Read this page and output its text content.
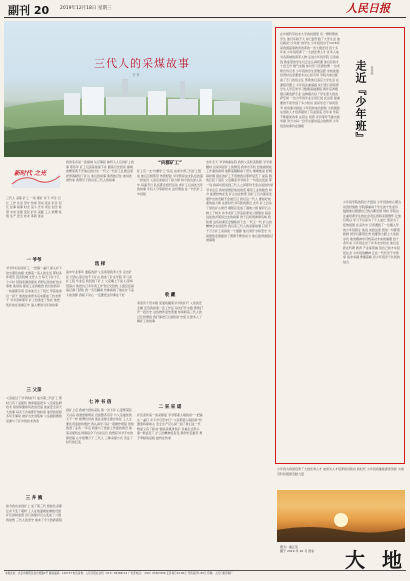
副刊 20 2019年12月18日 星期三	人民日报
三代人的采煤故事
于 平
新时代 之光
三代人 采煤 矿工 一家 煤矿 井下 岁月 记忆 工作 生活 坚守 传承 劳动 家乡 矿区 回忆 往事 故事 时光 奋斗 汗水 责任 担当 希望 未来 发展 变化 矿井 采掘 工人 师傅 班组 生产 安全 技术 革新 进步
一 爷爷
爷爷年轻时是矿工 一把镐一盏灯 深入井下 挖出黑色的煤 支撑着一家人的生活 那时条件艰苦 没有机械 全凭人力 每天下井十几个小时 回到家满身煤灰 奶奶总是烧好热水等他 他常说 煤是工业的粮食 我们挖的每一块煤都有用 后来他当上了班长 带着徒弟们一起干 他的徒弟很多后来都成了技术骨干 爷爷退休那年 矿上给他发了奖状 他把奖状挂在堂屋正中 逢人便讲当年的故事
三 父亲
父亲接过了爷爷的矿灯 成为第二代矿工 那时已有了采煤机 效率提高很多 父亲爱钻研技术 常常琢磨如何改进设备 他说安全是天大的事 每次下井前都仔细检查 他带的班组多年无事故 被评为先进集体 父亲最骄傲的是参与了矿井的技术改造
三 井 姨
如今我也来到矿上 成了第三代 智能化采煤让井下变了模样 工人在地面就能操控设备 矿区绿树成荫 昔日的煤矸石山变成了公园 我常想 三代人的坚守 换来了今天的新面貌
我的家乡是一座煤城 从记事起 就听大人们讲矿上的事 那些年 矿工们顶着星星下井 踏着月光回家 煤城的繁荣离不开他们的付出 一代又一代矿工扎根这里 把青春献给了矿山 他们的故事 值得被记住 被讲述 被传承 我想写下我们家三代人的故事
选 择
高中毕业那年 面临选择 父亲希望我考大学 走出矿区 可我心里总放不下矿山 我选了矿业学院 学习采矿工程 毕业后 我回到了矿上 父亲嘴上不说 心里却很高兴 他把自己多年的工作笔记交给我 上面密密麻麻记满了经验 我一页页翻看 仿佛看到了他在井下奋斗的身影 我暗下决心 一定要把这份事业干好
七 冲 书 信
到矿上后 我被分到综采队 第一次下井 心里既紧张又兴奋 巷道宽敞明亮 设备整齐有序 与父亲描述的大不一样 师傅告诉我 现在采煤全靠自动化 工人主要负责监控和维护 我认真学习每一项操作规程 很快熟悉了业务 一年后 我参与了智能工作面的建设 看着采煤机在屏幕指令下自动运行 我想起爷爷手中的那把镐 心中感慨万千 三代人 三种采煤方式 见证了时代的巨变
“向群矿工”
矿上有一支“向群矿工”队伍 由老中青三代矿工组成 他们互相帮带 传授经验 爷爷曾是这支队伍的第一批成员 父亲后来接过了接力棒 如今我也加入其中 每逢节日 队伍都会组织活动 老矿工们讲述当年的故事 年轻人分享新技术 这份情谊 在一代代矿工中延续
收 藏
家里有个旧木箱 里面收藏着爷爷的矿灯 父亲的安全帽 还有我的第一张工作证 每次打开木箱 都像打开一段历史 这些物件虽然普通 却承载着三代人的记忆和情感 我打算把它们捐给矿史馆 让更多人了解矿工的故事
二 采 采 谣
矿区流传着一首采煤谣 爷爷那辈人唱的是“一把镐头一盏灯 井下岁月苦中行” 父亲那辈人唱的是“机器轰鸣煤如山 安全生产记心间” 到了我们这一代 歌谣又有了新词“智能采煤绿色矿 幸福生活奔小康” 歌谣变了 矿工的精神没有变 那份吃苦耐劳 勇于奉献的品格 始终在传承
去年冬天 爷爷病重住院 我和父亲轮流照顾 爷爷清醒时 总是问起矿上的情况 我拿出手机 给他看智能工作面的视频 他眯着眼睛看了很久 喃喃地说 好啊 真好啊 现在的矿工不用像我们那样受苦了 说着 眼角泛起了泪花 父亲握着爷爷的手 一句话也没说 那一刻 我真切感受到三代人之间那份无需言说的传承 爷爷走后 我常常想起他说的话 煤是工业的粮食 如今 能源结构在变 矿山也在转型 但矿工们为国家发展作出的贡献不会被忘记 我们这一代人 要接好前辈的接力棒 在新时代书写新的篇章 去年 矿上启动了绿色矿山建设 塌陷区变成了湿地公园 煤矸石山种上了树木 许多老矿工带着孙辈来公园散步 指着远处的井架讲过去的故事 孩子们听得津津有味 我知道 这些故事还会继续讲下去 一代又一代 矿山的精神会永远流传 我们家三代人的采煤故事 只是千千万万矿工家庭的一个缩影 他们用汗水和坚守 为祖国的发展提供了源源不断的动力 他们值得被铭记 被尊敬
在中国科学技术大学的校园里 有一群特殊的学生 他们年龄不大 却已经开始了大学生活 他们就是“少年班”的学生 少年班创办于1978年 是我国高等教育改革的一次大胆尝试 四十多年来 少年班培养了一大批优秀人才 许多人成为各领域的领军人物 走进少年班学院 记者看到 教室里的学生们正在认真听课 他们有的才十四五岁 稚气未脱 却对学习充满热情 一位老师告诉记者 少年班的学生思维活跃 求知欲强 但同时也需要更多关心和引导 学院为他们配备了专门的班主任 帮助他们适应大学生活 在课程设置上 少年班注重基础 实行宽口径培养 学生入学后先学习数理基础课程 两年后再根据兴趣选择专业 这种模式给了学生更大的选择空间 一位少年班毕业生回忆说 在这里 最重要的不是学到了多少知识 而是学会了如何思考 如何面对挑战 少年班的成功经验 为我国拔尖创新人才培养提供了有益借鉴 近年来 学院不断探索改革 在招生 培养 评价等环节推出新举措 努力为每一位学生提供适合的教育 少年班的故事仍在继续	走近『少年班』	吕舟亮
少年班学院的院长介绍说 少年班的核心理念是因材施教 学院尊重每个学生的个性差异 鼓励他们根据自己的兴趣发展 同时 学院也注重培养学生的社会责任感和家国情怀 让他们明白 学习不仅是为了个人成长 更是为了报效祖国 在采访中 记者遇到了一位刚入学的少年班新生 他说 来到这里 感觉一切都很新鲜 同学们都很优秀 我要努力跟上大家的步伐 他的眼神中闪烁着对未来的憧憬 四十余年来 少年班走出了许多杰出校友 他们活跃在科研 教育 产业等领域 用自己的才华回报社会 少年班的精神 正在一代代学子中传承 追求卓越 勇攀高峰 是少年班学子共同的信念
少年班为我国培养了大批优秀人才 被誉为人才培养的试验田 新时代 少年班将继续探索创新 为建设科技强国贡献力量
图为：谢正亮
摄于 2019 年 10 月 滨东	大 地
本报社址：北京市朝阳区金台西路2号 邮政编码：100733 电话查询：人民日报社总机（010）65368114 广告部电话：（010）65363306 定价每月24.00元 零售每份1.80元 印刷：人民日报印刷厂
